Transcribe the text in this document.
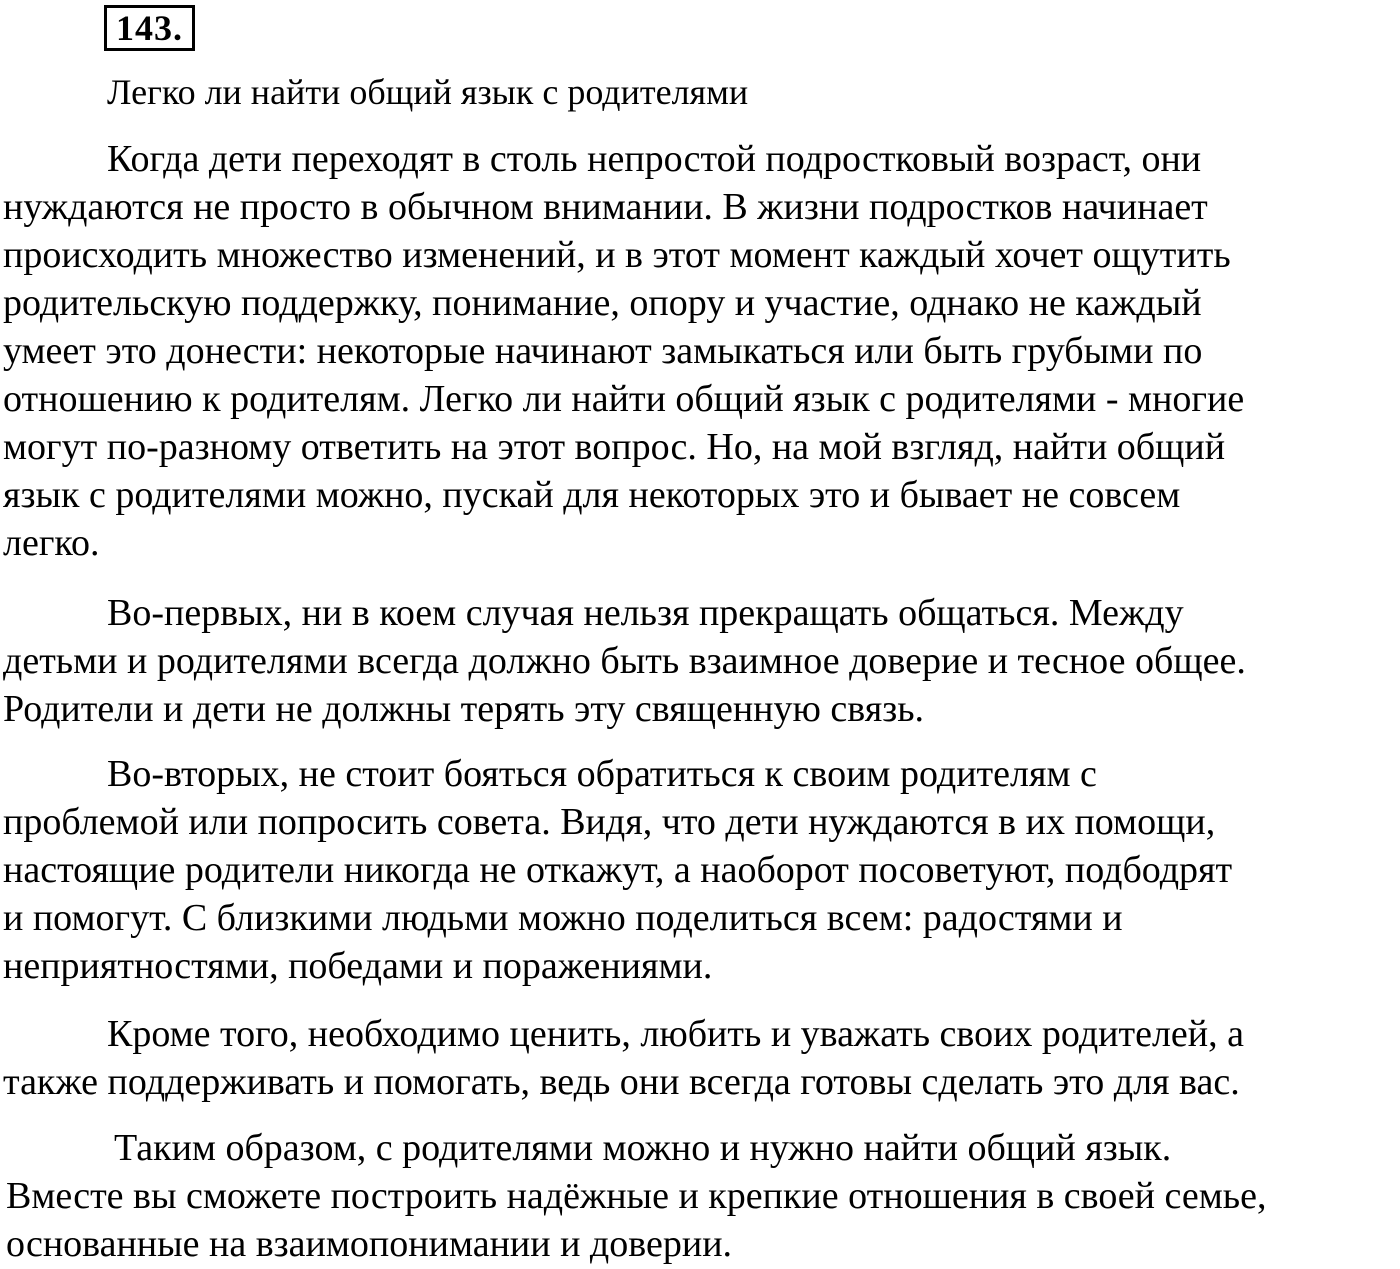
143.
Легко ли найти общий язык с родителями
Когда дети переходят в столь непростой подростковый возраст, они
нуждаются не просто в обычном внимании. В жизни подростков начинает
происходить множество изменений, и в этот момент каждый хочет ощутить
родительскую поддержку, понимание, опору и участие, однако не каждый
умеет это донести: некоторые начинают замыкаться или быть грубыми по
отношению к родителям. Легко ли найти общий язык с родителями - многие
могут по-разному ответить на этот вопрос. Но, на мой взгляд, найти общий
язык с родителями можно, пускай для некоторых это и бывает не совсем
легко.
Во-первых, ни в коем случая нельзя прекращать общаться. Между
детьми и родителями всегда должно быть взаимное доверие и тесное общее.
Родители и дети не должны терять эту священную связь.
Во-вторых, не стоит бояться обратиться к своим родителям с
проблемой или попросить совета. Видя, что дети нуждаются в их помощи,
настоящие родители никогда не откажут, а наоборот посоветуют, подбодрят
и помогут. С близкими людьми можно поделиться всем: радостями и
неприятностями, победами и поражениями.
Кроме того, необходимо ценить, любить и уважать своих родителей, а
также поддерживать и помогать, ведь они всегда готовы сделать это для вас.
Таким образом, с родителями можно и нужно найти общий язык.
Вместе вы сможете построить надёжные и крепкие отношения в своей семье,
основанные на взаимопонимании и доверии.
